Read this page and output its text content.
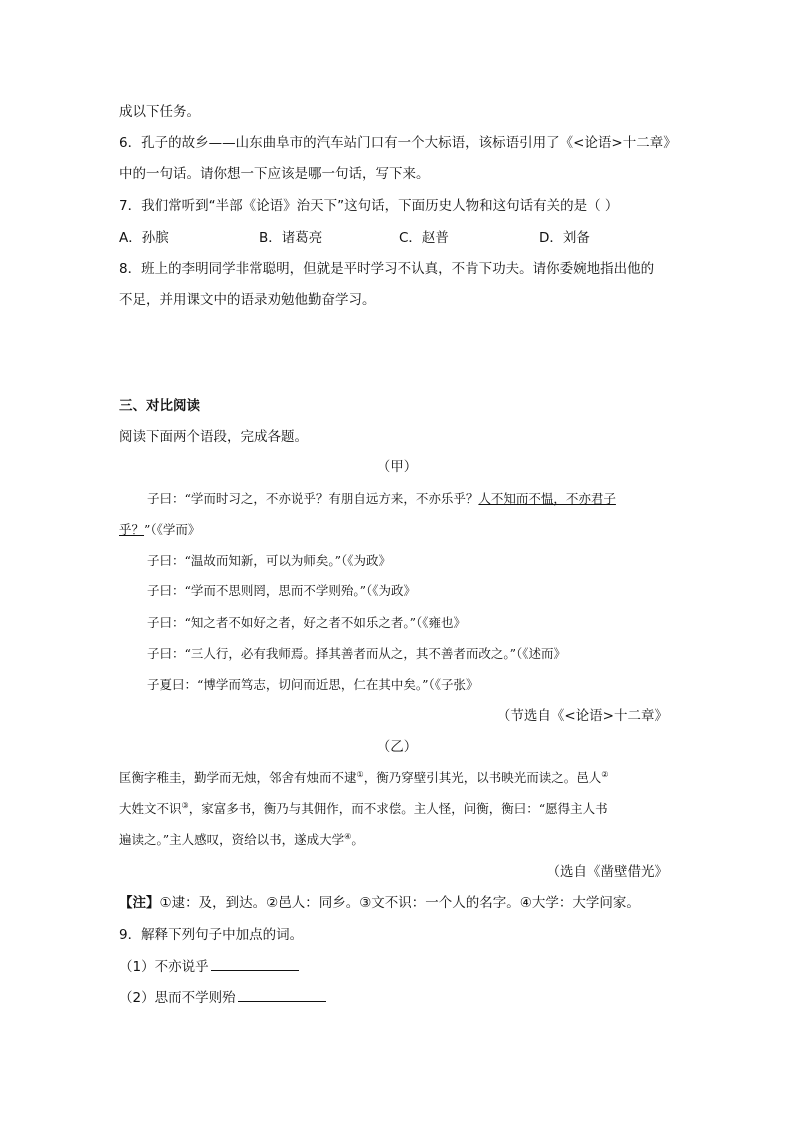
成以下任务。
6．孔子的故乡——山东曲阜市的汽车站门口有一个大标语，该标语引用了《<论语>十二章》
中的一句话。请你想一下应该是哪一句话，写下来。
7．我们常听到“半部《论语》治天下”这句话，下面历史人物和这句话有关的是（ ）
A．孙膑	B．诸葛亮	C．赵普	D．刘备
8．班上的李明同学非常聪明，但就是平时学习不认真，不肯下功夫。请你委婉地指出他的
不足，并用课文中的语录劝勉他勤奋学习。
三、对比阅读
阅读下面两个语段，完成各题。
（甲）
子曰：“学而时习之，不亦说乎？有朋自远方来，不亦乐乎？人不知而不愠，不亦君子
乎？”（《学而》
子曰：“温故而知新，可以为师矣。”（《为政》
子曰：“学而不思则罔，思而不学则殆。”（《为政》
子曰：“知之者不如好之者，好之者不如乐之者。”（《雍也》
子曰：“三人行，必有我师焉。择其善者而从之，其不善者而改之。”（《述而》
子夏曰：“博学而笃志，切问而近思，仁在其中矣。”（《子张》
（节选自《<论语>十二章》
（乙）
匡衡字稚圭，勤学而无烛，邻舍有烛而不逮①，衡乃穿壁引其光，以书映光而读之。邑人②
大姓文不识③，家富多书，衡乃与其佣作，而不求偿。主人怪，问衡，衡曰：“愿得主人书
遍读之。”主人感叹，资给以书，遂成大学④。
（选自《凿壁借光》
【注】①逮：及，到达。②邑人：同乡。③文不识：一个人的名字。④大学：大学问家。
9．解释下列句子中加点的词。
（1）不亦说乎
（2）思而不学则殆
